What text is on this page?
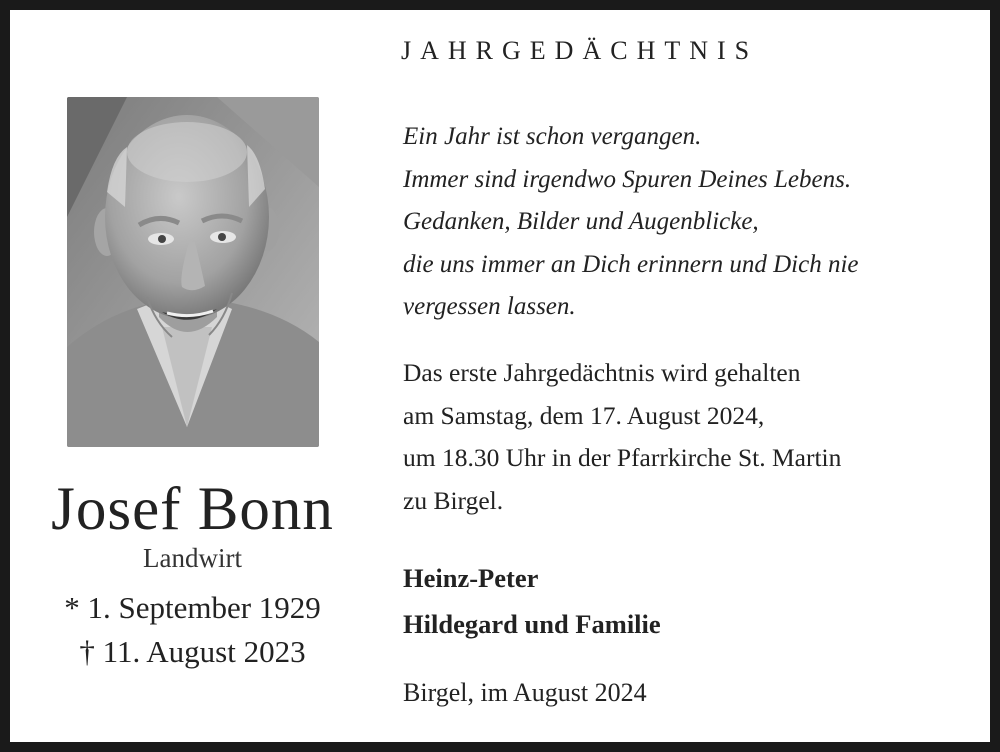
Josef Bonn
Landwirt
* 1. September 1929
† 11. August 2023
JAHRGEDÄCHTNIS
Ein Jahr ist schon vergangen.
Immer sind irgendwo Spuren Deines Lebens.
Gedanken, Bilder und Augenblicke,
die uns immer an Dich erinnern und Dich nie
vergessen lassen.
Das erste Jahrgedächtnis wird gehalten
am Samstag, dem 17. August 2024,
um 18.30 Uhr in der Pfarrkirche St. Martin
zu Birgel.
Heinz-Peter
Hildegard und Familie
Birgel, im August 2024
